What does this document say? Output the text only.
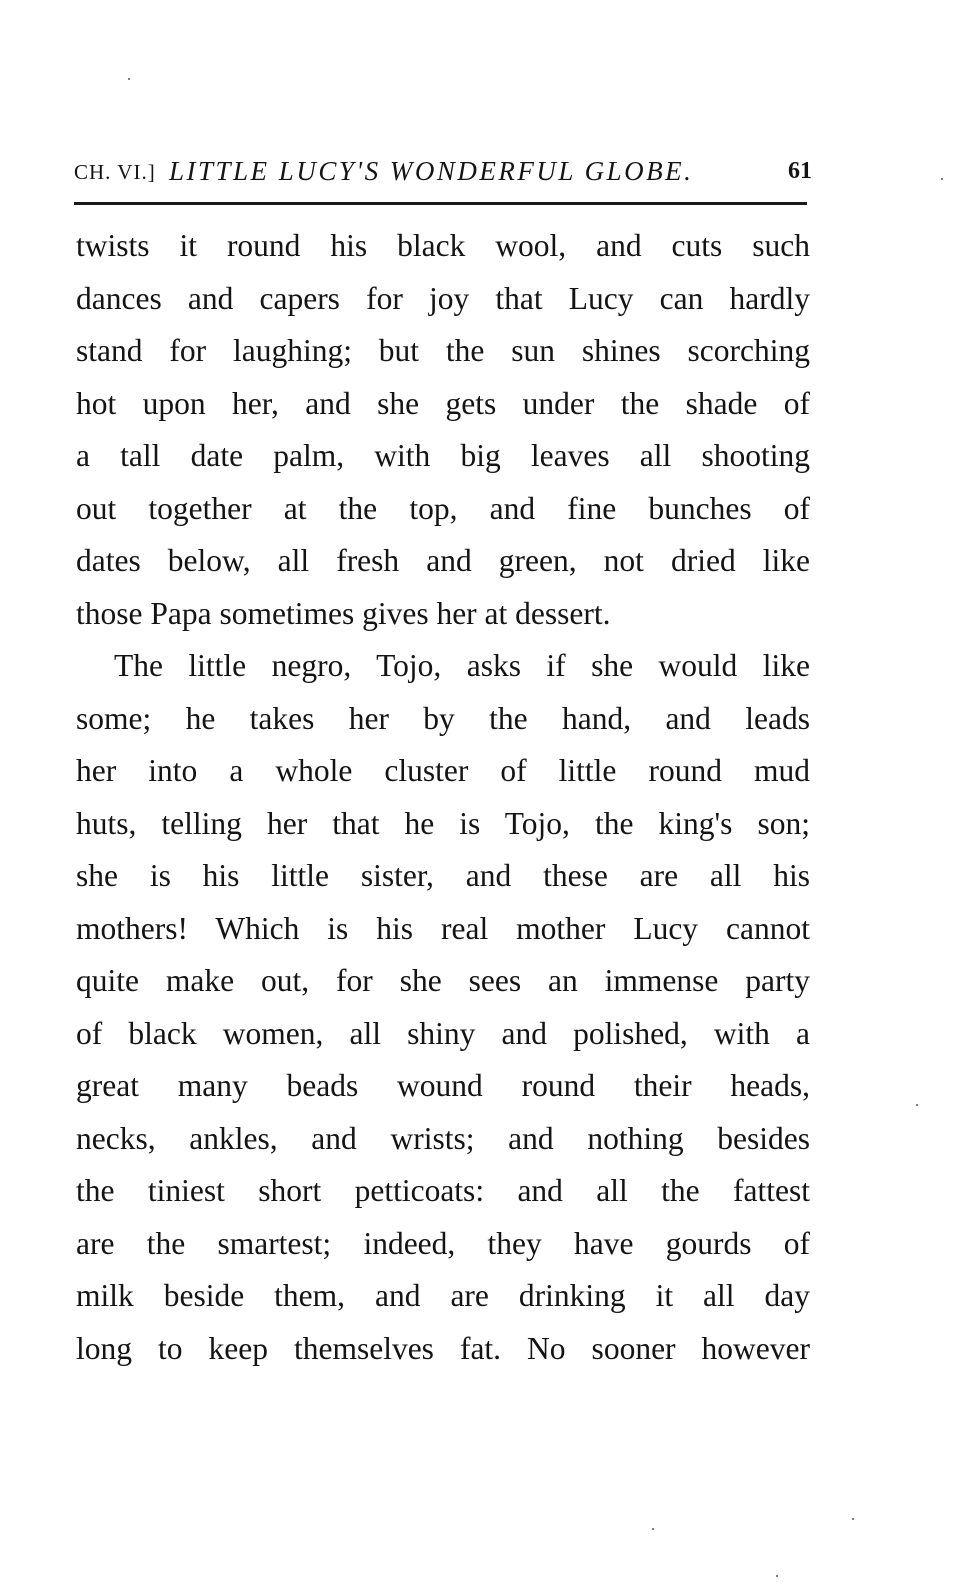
CH. VI.] LITTLE LUCY'S WONDERFUL GLOBE.	61
twists it round his black wool, and cuts such
dances and capers for joy that Lucy can hardly
stand for laughing; but the sun shines scorching
hot upon her, and she gets under the shade of
a tall date palm, with big leaves all shooting
out together at the top, and fine bunches of
dates below, all fresh and green, not dried like
those Papa sometimes gives her at dessert.
The little negro, Tojo, asks if she would like
some; he takes her by the hand, and leads
her into a whole cluster of little round mud
huts, telling her that he is Tojo, the king's son;
she is his little sister, and these are all his
mothers! Which is his real mother Lucy cannot
quite make out, for she sees an immense party
of black women, all shiny and polished, with a
great many beads wound round their heads,
necks, ankles, and wrists; and nothing besides
the tiniest short petticoats: and all the fattest
are the smartest; indeed, they have gourds of
milk beside them, and are drinking it all day
long to keep themselves fat. No sooner however
